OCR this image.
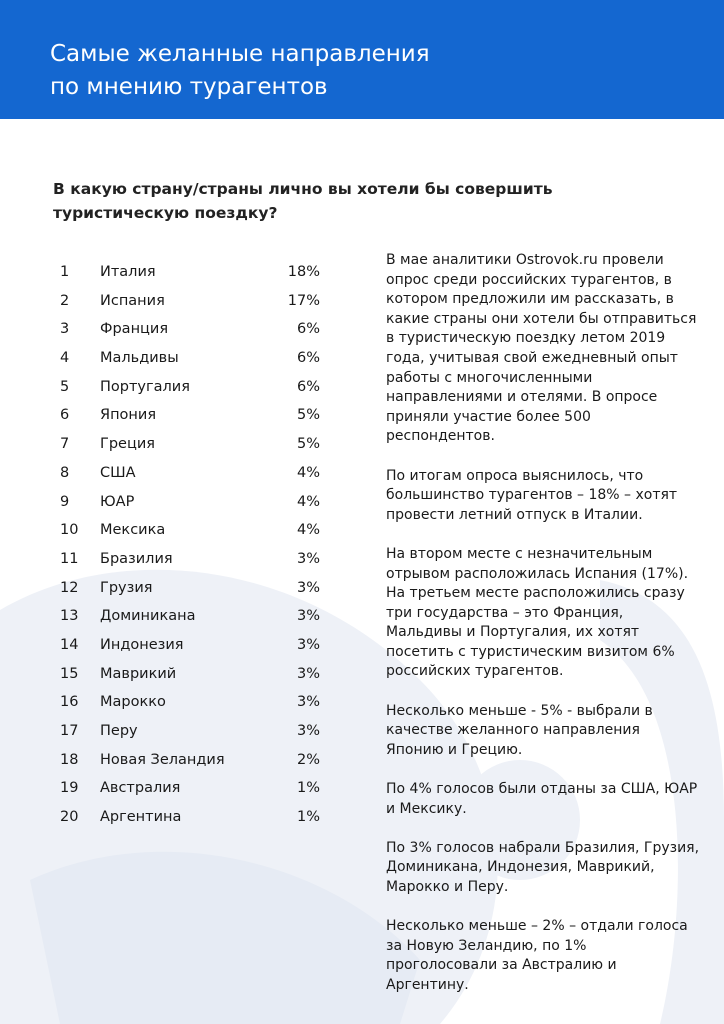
Самые желанные направления
по мнению турагентов
В какую страну/страны лично вы хотели бы совершить туристическую поездку?
1	Италия	18%
2	Испания	17%
3	Франция	6%
4	Мальдивы	6%
5	Португалия	6%
6	Япония	5%
7	Греция	5%
8	США	4%
9	ЮАР	4%
10	Мексика	4%
11	Бразилия	3%
12	Грузия	3%
13	Доминикана	3%
14	Индонезия	3%
15	Маврикий	3%
16	Марокко	3%
17	Перу	3%
18	Новая Зеландия	2%
19	Австралия	1%
20	Аргентина	1%

В мае аналитики Ostrovok.ru провели опрос среди российских турагентов, в котором предложили им рассказать, в какие страны они хотели бы отправиться в туристическую поездку летом 2019 года, учитывая свой ежедневный опыт работы с многочисленными направлениями и отелями. В опросе приняли участие более 500 респондентов.

По итогам опроса выяснилось, что большинство турагентов – 18% – хотят провести летний отпуск в Италии.

На втором месте с незначительным отрывом расположилась Испания (17%). На третьем месте расположились сразу три государства – это Франция, Мальдивы и Португалия, их хотят посетить с туристическим визитом 6% российских турагентов.

Несколько меньше - 5% - выбрали в качестве желанного направления Японию и Грецию.

По 4% голосов были отданы за США, ЮАР и Мексику.

По 3% голосов набрали Бразилия, Грузия, Доминикана, Индонезия, Маврикий, Марокко и Перу.

Несколько меньше – 2% – отдали голоса за Новую Зеландию, по 1% проголосовали за Австралию и Аргентину.
